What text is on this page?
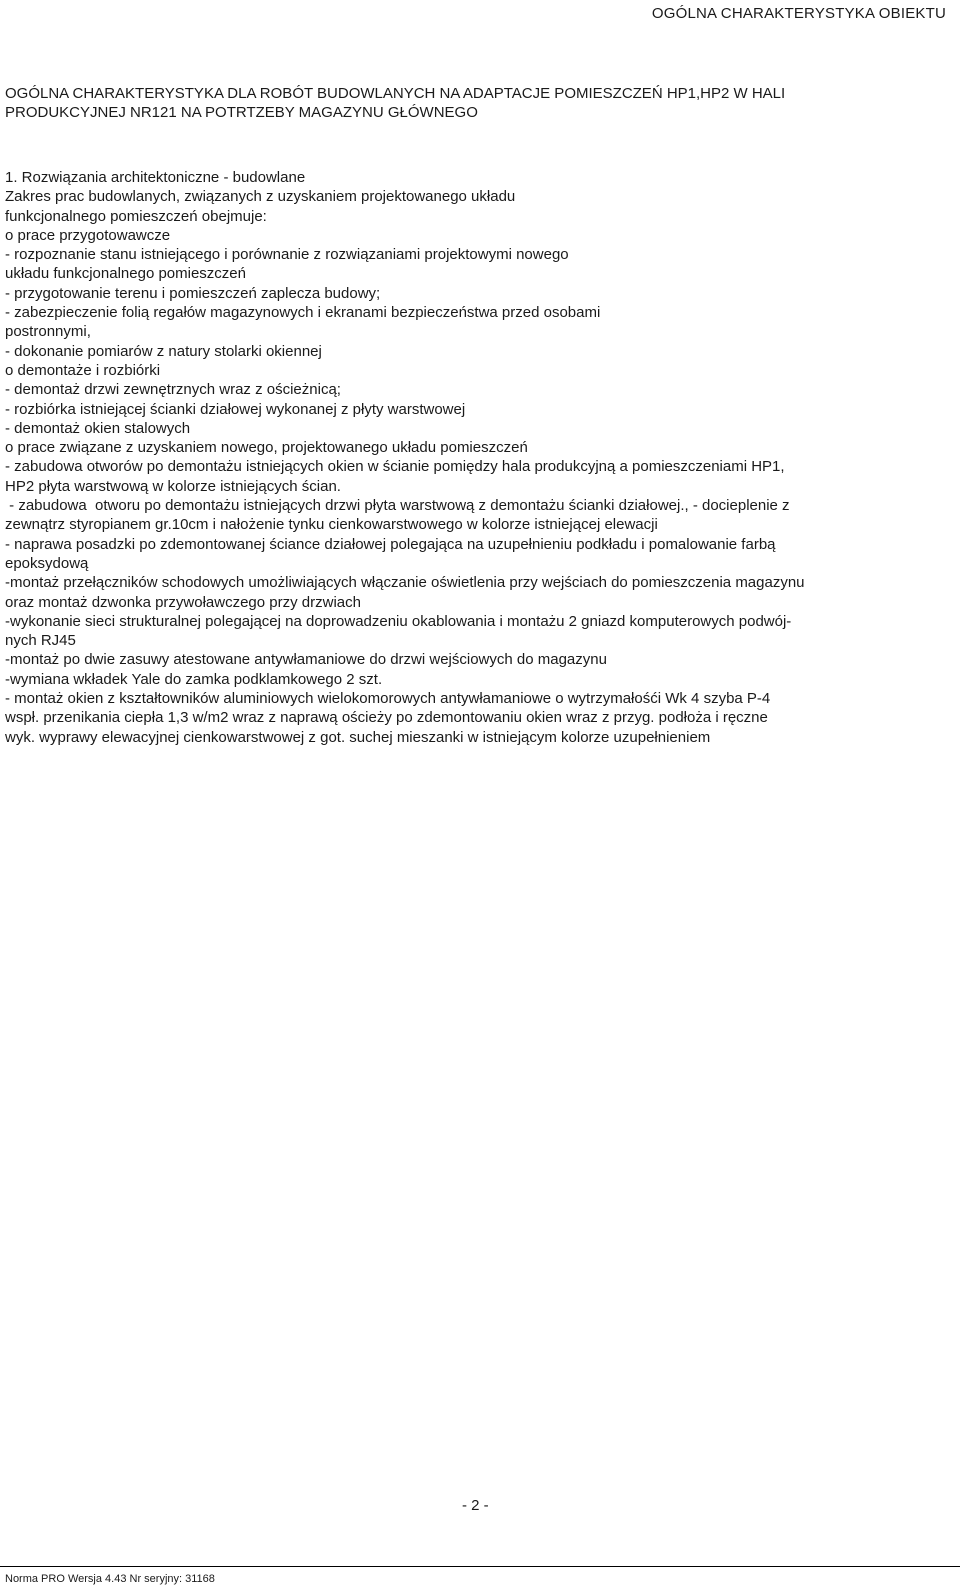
OGÓLNA CHARAKTERYSTYKA OBIEKTU
OGÓLNA CHARAKTERYSTYKA DLA ROBÓT BUDOWLANYCH NA ADAPTACJE POMIESZCZEŃ HP1,HP2 W HALI
PRODUKCYJNEJ NR121 NA POTRTZEBY MAGAZYNU GŁÓWNEGO
1. Rozwiązania architektoniczne - budowlane
Zakres prac budowlanych, związanych z uzyskaniem projektowanego układu
funkcjonalnego pomieszczeń obejmuje:
o prace przygotowawcze
- rozpoznanie stanu istniejącego i porównanie z rozwiązaniami projektowymi nowego
układu funkcjonalnego pomieszczeń
- przygotowanie terenu i pomieszczeń zaplecza budowy;
- zabezpieczenie folią regałów magazynowych i ekranami bezpieczeństwa przed osobami
postronnymi,
- dokonanie pomiarów z natury stolarki okiennej
o demontaże i rozbiórki
- demontaż drzwi zewnętrznych wraz z ościeżnicą;
- rozbiórka istniejącej ścianki działowej wykonanej z płyty warstwowej
- demontaż okien stalowych
o prace związane z uzyskaniem nowego, projektowanego układu pomieszczeń
- zabudowa otworów po demontażu istniejących okien w ścianie pomiędzy hala produkcyjną a pomieszczeniami HP1,
HP2 płyta warstwową w kolorze istniejących ścian.
- zabudowa  otworu po demontażu istniejących drzwi płyta warstwową z demontażu ścianki działowej., - docieplenie z
zewnątrz styropianem gr.10cm i nałożenie tynku cienkowarstwowego w kolorze istniejącej elewacji
- naprawa posadzki po zdemontowanej ściance działowej polegająca na uzupełnieniu podkładu i pomalowanie farbą
epoksydową
-montaż przełączników schodowych umożliwiających włączanie oświetlenia przy wejściach do pomieszczenia magazynu
oraz montaż dzwonka przywoławczego przy drzwiach
-wykonanie sieci strukturalnej polegającej na doprowadzeniu okablowania i montażu 2 gniazd komputerowych podwój-
nych RJ45
-montaż po dwie zasuwy atestowane antywłamaniowe do drzwi wejściowych do magazynu
-wymiana wkładek Yale do zamka podklamkowego 2 szt.
- montaż okien z kształtowników aluminiowych wielokomorowych antywłamaniowe o wytrzymałośći Wk 4 szyba P-4
wspł. przenikania ciepła 1,3 w/m2 wraz z naprawą ościeży po zdemontowaniu okien wraz z przyg. podłoża i ręczne
wyk. wyprawy elewacyjnej cienkowarstwowej z got. suchej mieszanki w istniejącym kolorze uzupełnieniem
- 2 -
Norma PRO Wersja 4.43 Nr seryjny: 31168
